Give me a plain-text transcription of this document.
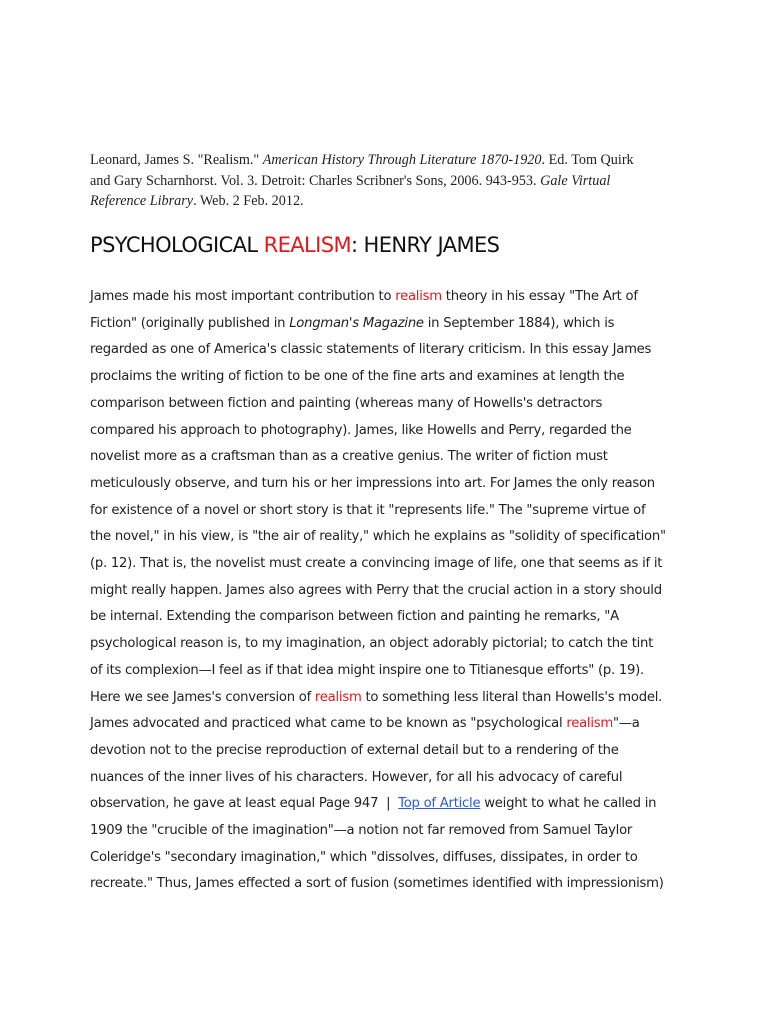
Leonard, James S. "Realism." American History Through Literature 1870-1920. Ed. Tom Quirk
and Gary Scharnhorst. Vol. 3. Detroit: Charles Scribner's Sons, 2006. 943-953. Gale Virtual
Reference Library. Web. 2 Feb. 2012.

PSYCHOLOGICAL REALISM: HENRY JAMES
James made his most important contribution to realism theory in his essay "The Art of
Fiction" (originally published in Longman's Magazine in September 1884), which is
regarded as one of America's classic statements of literary criticism. In this essay James
proclaims the writing of fiction to be one of the fine arts and examines at length the
comparison between fiction and painting (whereas many of Howells's detractors
compared his approach to photography). James, like Howells and Perry, regarded the
novelist more as a craftsman than as a creative genius. The writer of fiction must
meticulously observe, and turn his or her impressions into art. For James the only reason
for existence of a novel or short story is that it "represents life." The "supreme virtue of
the novel," in his view, is "the air of reality," which he explains as "solidity of specification"
(p. 12). That is, the novelist must create a convincing image of life, one that seems as if it
might really happen. James also agrees with Perry that the crucial action in a story should
be internal. Extending the comparison between fiction and painting he remarks, "A
psychological reason is, to my imagination, an object adorably pictorial; to catch the tint
of its complexion—I feel as if that idea might inspire one to Titianesque efforts" (p. 19).
Here we see James's conversion of realism to something less literal than Howells's model.
James advocated and practiced what came to be known as "psychological realism"—a
devotion not to the precise reproduction of external detail but to a rendering of the
nuances of the inner lives of his characters. However, for all his advocacy of careful
observation, he gave at least equal Page 947  |  Top of Article weight to what he called in
1909 the "crucible of the imagination"—a notion not far removed from Samuel Taylor
Coleridge's "secondary imagination," which "dissolves, diffuses, dissipates, in order to
recreate." Thus, James effected a sort of fusion (sometimes identified with impressionism)
